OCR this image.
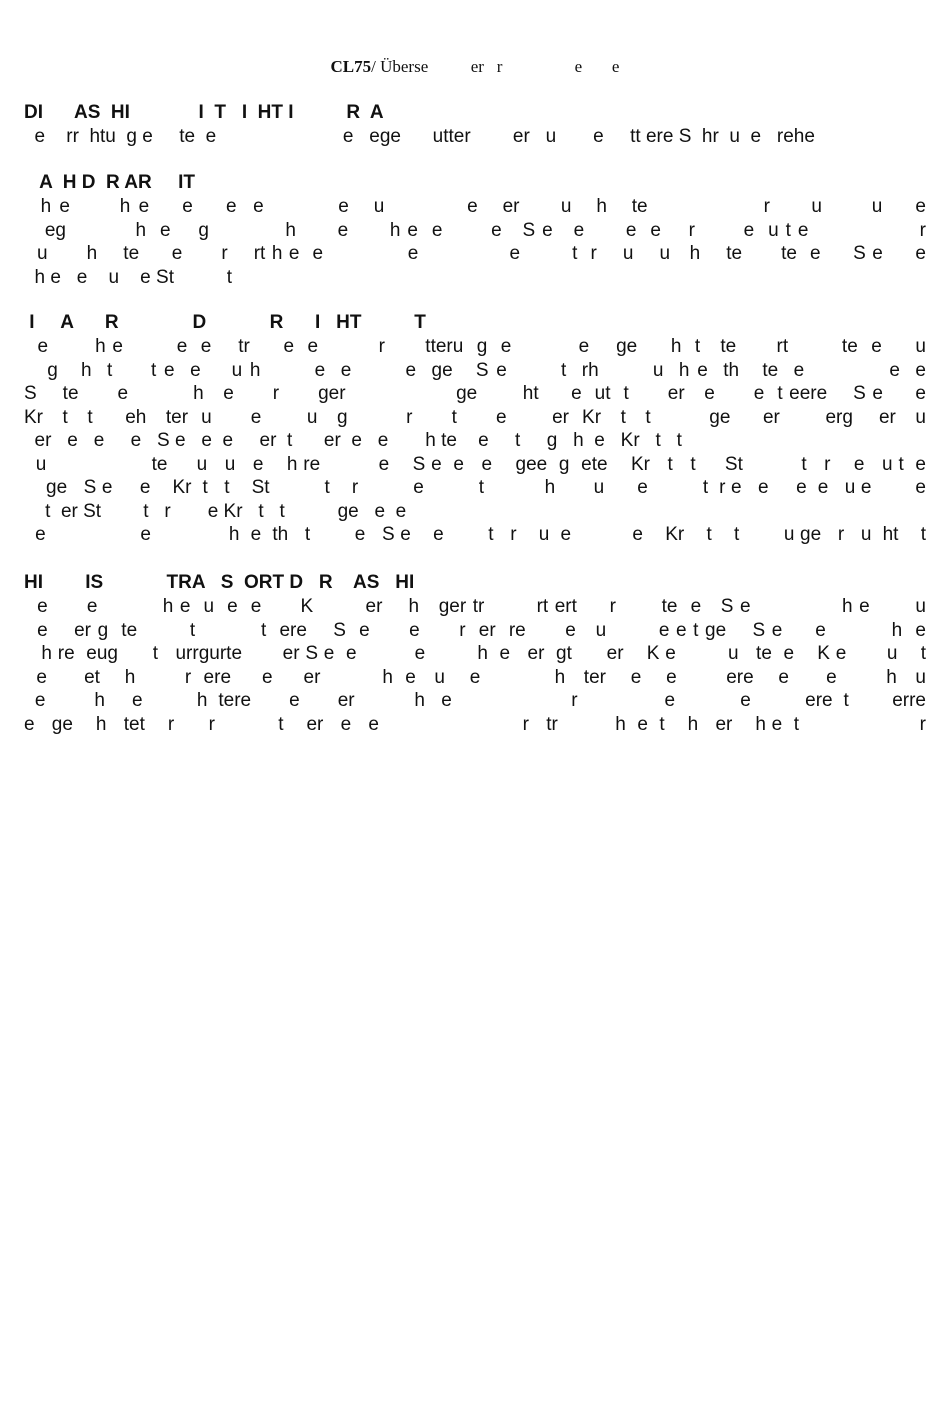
CL75/ Überse          er   r                 e       e
DI      AS  HI             I  T   I  HT I          R  A
e    rr  htu  g e     te  e                        e   ege      utter        er   u       e     tt ere S  hr  u  e   rehe
A  H D  R AR     IT
h e      h e    e    e  e         e   u          e   er     u   h   te              r     u      u    e
eg          h  e    g           h      e      h e  e       e   S e   e      e  e    r       e  u t e                r
u      h    te     e      r    rt h e  e             e              e        t  r    u    u   h    te      te  e     S e     e
h e   e    u    e St          t
I     A      R              D            R      I   HT          T
e       h e        e  e    tr     e  e         r      tteru  g  e          e    ge     h  t   te      rt        te  e     u
g   h  t     t e  e    u h       e  e       e  ge   S e       t  rh       u  h e  th   te  e           e  e
S    te      e          h   e      r      ger                 ge       ht     e  ut  t      er   e      e  t eere    S e     e
Kr   t   t     eh   ter  u      e       u   g         r      t      e       er  Kr   t   t         ge     er       erg    er   u
er   e   e     e   S e   e  e     er  t      er  e   e       h te    e     t     g   h  e   Kr   t   t
u                  te     u   u   e    h re          e    S e  e   e    gee  g  ete    Kr   t   t     St          t   r    e   u t  e
ge   S e     e    Kr  t   t    St          t    r          e          t           h       u      e          t  r e   e     e  e   u e        e
t  er St        t   r       e Kr   t   t          ge   e  e
e                 e              h  e  th   t        e   S e    e        t   r    u  e           e    Kr    t    t        u ge   r   u  ht    t
HI        IS            TRA   S  ORT D   R    AS   HI
e      e          h e  u  e  e      K        er    h   ger tr        rt ert     r       te  e   S e              h e       u
e    er g  te        t          t  ere    S  e      e      r  er  re      e   u        e e t ge    S e     e          h  e
h re  eug      t   urrgurte       er S e  e          e         h  e   er  gt      er    K e         u   te  e    K e       u    t
e      et    h        r  ere     e     er          h  e   u    e            h   ter    e    e        ere    e      e        h   u
e         h     e          h  tere       e       er           h   e                      r                e            e          ere  t        erre
e   ge    h   tet    r      r           t    er   e   e                         r   tr          h  e  t    h   er    h e  t                     r
